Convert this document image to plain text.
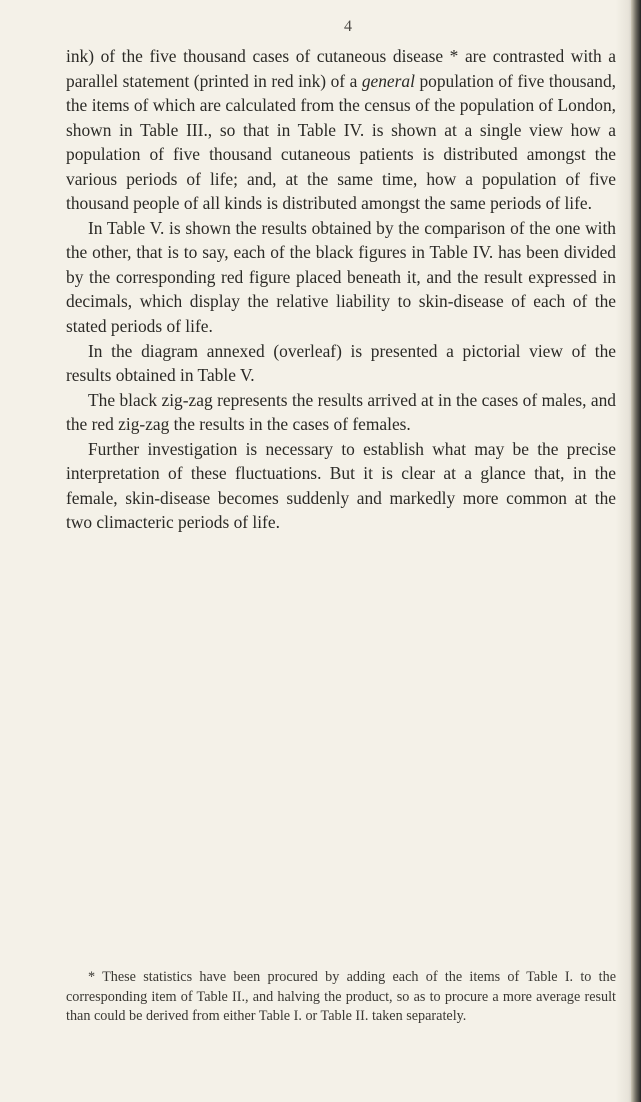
4

ink) of the five thousand cases of cutaneous disease * are contrasted with a parallel statement (printed in red ink) of a general population of five thousand, the items of which are calculated from the census of the population of London, shown in Table III., so that in Table IV. is shown at a single view how a population of five thousand cutaneous patients is distributed amongst the various periods of life; and, at the same time, how a population of five thousand people of all kinds is distributed amongst the same periods of life.

In Table V. is shown the results obtained by the comparison of the one with the other, that is to say, each of the black figures in Table IV. has been divided by the corresponding red figure placed beneath it, and the result expressed in decimals, which display the relative liability to skin-disease of each of the stated periods of life.

In the diagram annexed (overleaf) is presented a pictorial view of the results obtained in Table V.

The black zig-zag represents the results arrived at in the cases of males, and the red zig-zag the results in the cases of females.

Further investigation is necessary to establish what may be the precise interpretation of these fluctuations. But it is clear at a glance that, in the female, skin-disease becomes suddenly and markedly more common at the two climacteric periods of life.

* These statistics have been procured by adding each of the items of Table I. to the corresponding item of Table II., and halving the product, so as to procure a more average result than could be derived from either Table I. or Table II. taken separately.
